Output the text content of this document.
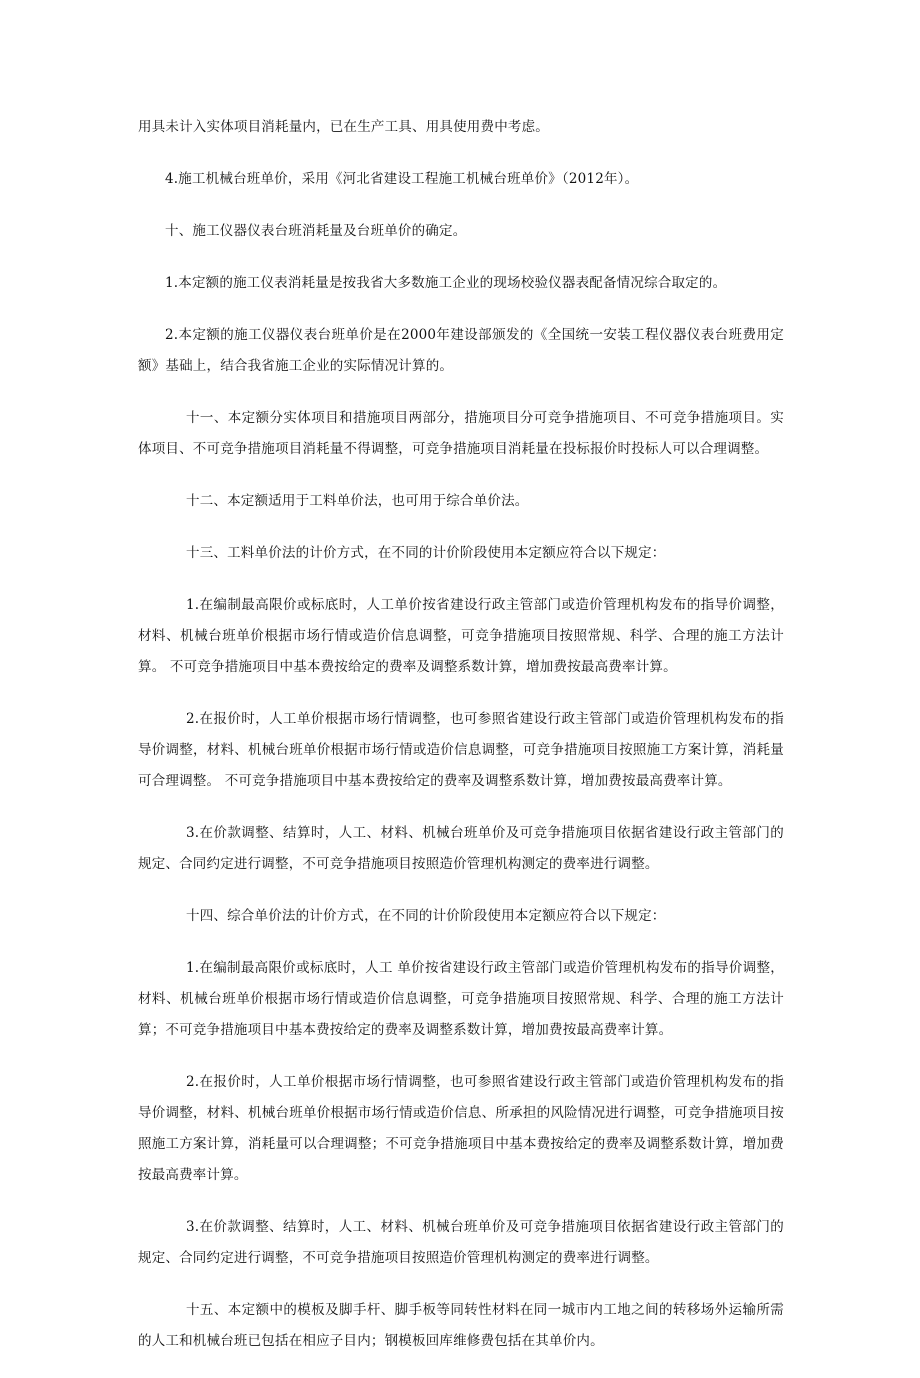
用具未计入实体项目消耗量内，已在生产工具、用具使用费中考虑。

4.施工机械台班单价，采用《河北省建设工程施工机械台班单价》（2012年）。

十、施工仪器仪表台班消耗量及台班单价的确定。

1.本定额的施工仪表消耗量是按我省大多数施工企业的现场校验仪器表配备情况综合取定的。

2.本定额的施工仪器仪表台班单价是在2000年建设部颁发的《全国统一安装工程仪器仪表台班费用定额》基础上，结合我省施工企业的实际情况计算的。

十一、本定额分实体项目和措施项目两部分，措施项目分可竞争措施项目、不可竞争措施项目。实体项目、不可竞争措施项目消耗量不得调整，可竞争措施项目消耗量在投标报价时投标人可以合理调整。

十二、本定额适用于工料单价法，也可用于综合单价法。

十三、工料单价法的计价方式，在不同的计价阶段使用本定额应符合以下规定：

1.在编制最高限价或标底时，人工单价按省建设行政主管部门或造价管理机构发布的指导价调整，材料、机械台班单价根据市场行情或造价信息调整，可竞争措施项目按照常规、科学、合理的施工方法计算。 不可竞争措施项目中基本费按给定的费率及调整系数计算，增加费按最高费率计算。

2.在报价时，人工单价根据市场行情调整，也可参照省建设行政主管部门或造价管理机构发布的指导价调整，材料、机械台班单价根据市场行情或造价信息调整，可竞争措施项目按照施工方案计算，消耗量可合理调整。 不可竞争措施项目中基本费按给定的费率及调整系数计算，增加费按最高费率计算。

3.在价款调整、结算时，人工、材料、机械台班单价及可竞争措施项目依据省建设行政主管部门的规定、合同约定进行调整，不可竞争措施项目按照造价管理机构测定的费率进行调整。

十四、综合单价法的计价方式，在不同的计价阶段使用本定额应符合以下规定：

1.在编制最高限价或标底时，人工 单价按省建设行政主管部门或造价管理机构发布的指导价调整，材料、机械台班单价根据市场行情或造价信息调整，可竞争措施项目按照常规、科学、合理的施工方法计算；不可竞争措施项目中基本费按给定的费率及调整系数计算，增加费按最高费率计算。

2.在报价时，人工单价根据市场行情调整，也可参照省建设行政主管部门或造价管理机构发布的指导价调整，材料、机械台班单价根据市场行情或造价信息、所承担的风险情况进行调整，可竞争措施项目按照施工方案计算，消耗量可以合理调整；不可竞争措施项目中基本费按给定的费率及调整系数计算，增加费按最高费率计算。

3.在价款调整、结算时，人工、材料、机械台班单价及可竞争措施项目依据省建设行政主管部门的规定、合同约定进行调整，不可竞争措施项目按照造价管理机构测定的费率进行调整。

十五、本定额中的模板及脚手杆、脚手板等同转性材料在同一城市内工地之间的转移场外运输所需的人工和机械台班已包括在相应子目内；钢模板回库维修费包括在其单价内。
